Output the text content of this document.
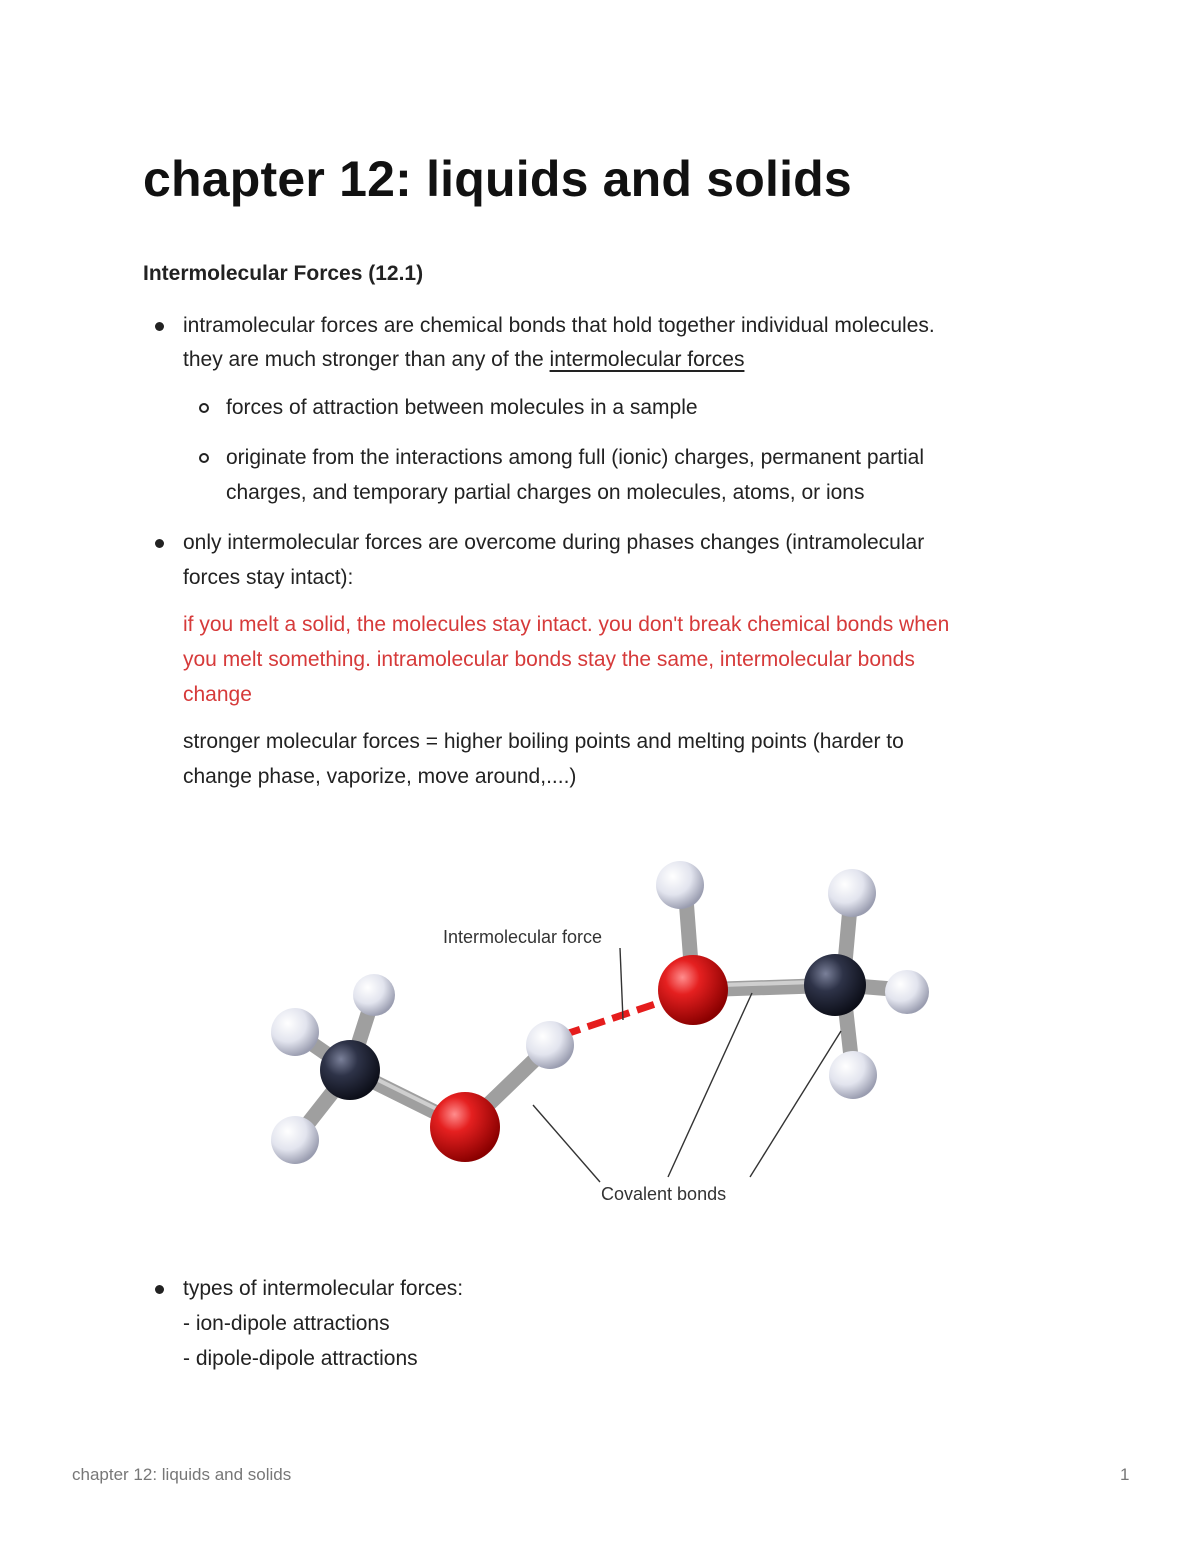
chapter 12: liquids and solids
Intermolecular Forces (12.1)

intramolecular forces are chemical bonds that hold together individual molecules.

they are much stronger than any of the intermolecular forces

forces of attraction between molecules in a sample

originate from the interactions among full (ionic) charges, permanent partial

charges, and temporary partial charges on molecules, atoms, or ions

only intermolecular forces are overcome during phases changes (intramolecular

forces stay intact):

if you melt a solid, the molecules stay intact. you don't break chemical bonds when

you melt something. intramolecular bonds stay the same, intermolecular bonds

change

stronger molecular forces = higher boiling points and melting points (harder to

change phase, vaporize, move around,....)

Intermolecular force
Covalent bonds

types of intermolecular forces:

- ion-dipole attractions

- dipole-dipole attractions

chapter 12: liquids and solids	1
